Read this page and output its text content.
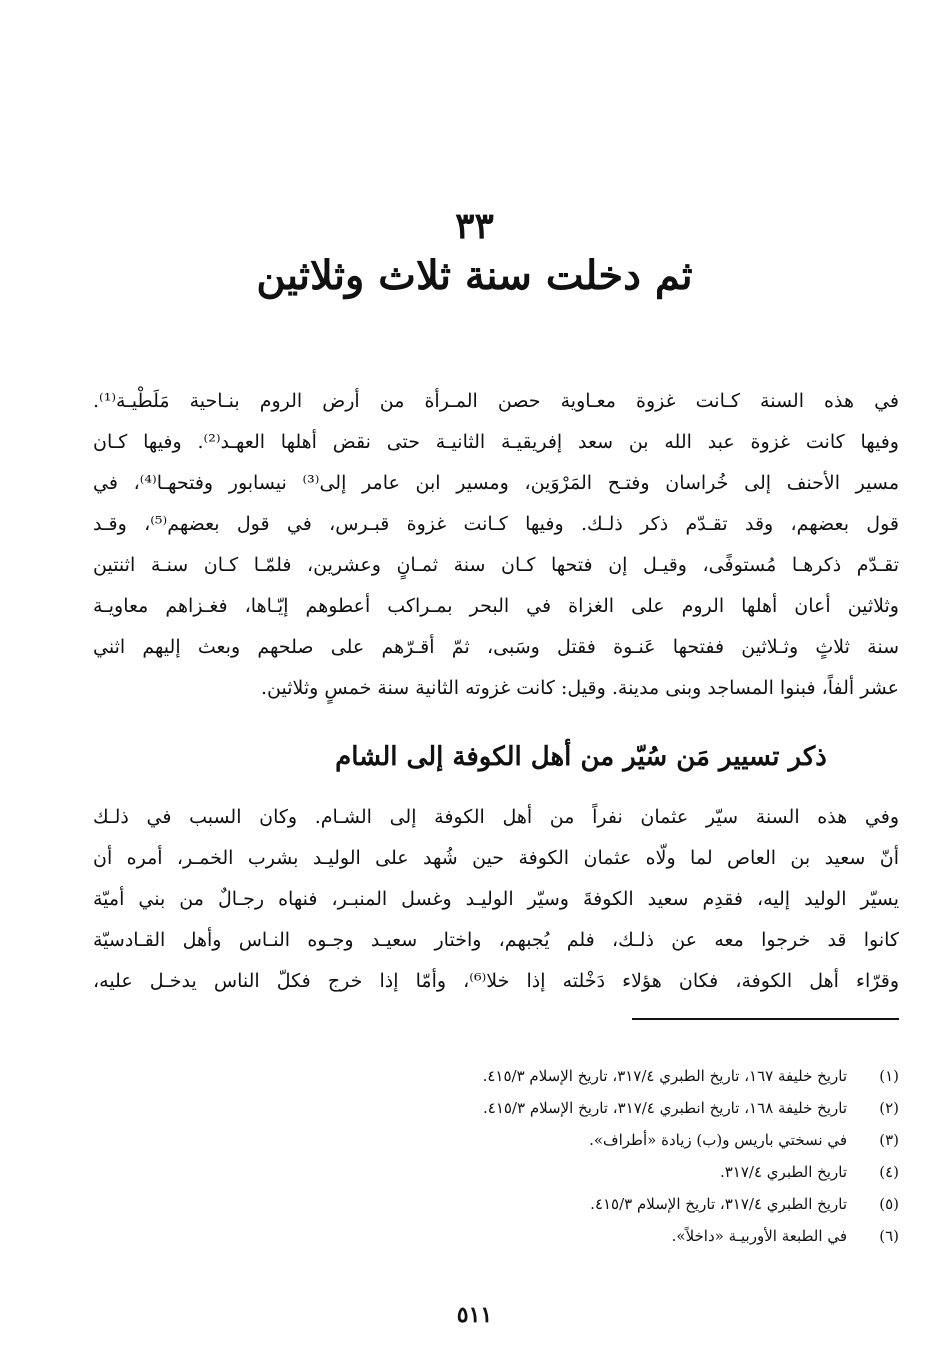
٣٣
ثم دخلت سنة ثلاث وثلاثين

في هذه السنة كـانت غزوة معـاوية حصن المـرأة من أرض الروم بنـاحية مَلَطْيـة⁽¹⁾.
وفيها كانت غزوة عبد الله بن سعد إفريقيـة الثانيـة حتى نقض أهلها العهـد⁽²⁾. وفيها كـان
مسير الأحنف إلى خُراسان وفتـح المَرْوَين، ومسير ابن عامر إلى⁽³⁾ نيسابور وفتحهـا⁽⁴⁾، في
قول بعضهم، وقد تقـدّم ذكر ذلـك. وفيها كـانت غزوة قبـرس، في قول بعضهم⁽⁵⁾، وقـد
تقـدّم ذكرهـا مُستوفًى، وقيـل إن فتحها كـان سنة ثمـانٍ وعشرين، فلمّـا كـان سنـة اثنتين
وثلاثين أعان أهلها الروم على الغزاة في البحر بمـراكب أعطوهم إيّـاها، فغـزاهم معاويـة
سنة ثلاثٍ وثـلاثين ففتحها عَنـوة فقتل وسَبى، ثمّ أقـرّهم على صلحهم وبعث إليهم اثني
عشر ألفاً، فبنوا المساجد وبنى مدينة. وقيل: كانت غزوته الثانية سنة خمسٍ وثلاثين.

ذكر تسيير مَن سُيّر من أهل الكوفة إلى الشام

وفي هذه السنة سيّر عثمان نفراً من أهل الكوفة إلى الشـام. وكان السبب في ذلـك
أنّ سعيد بن العاص لما ولّاه عثمان الكوفة حين شُهد على الوليـد بشرب الخمـر، أمره أن
يسيّر الوليد إليه، فقدِم سعيد الكوفةَ وسيّر الوليـد وغسل المنبـر، فنهاه رجـالٌ من بني أميّة
كانوا قد خرجوا معه عن ذلـك، فلم يُجبهم، واختار سعيـد وجـوه النـاس وأهل القـادسيّة
وقرّاء أهل الكوفة، فكان هؤلاء دَخْلته إذا خلا⁽⁶⁾، وأمّا إذا خرج فكلّ الناس يدخـل عليه،

(١)
تاريخ خليفة ١٦٧، تاريخ الطبري ٣١٧/٤، تاريخ الإسلام ٤١٥/٣.
(٢)
تاريخ خليفة ١٦٨، تاريخ انطبري ٣١٧/٤، تاريخ الإسلام ٤١٥/٣.
(٣)
في نسختي باريس و(ب) زيادة «أطراف».
(٤)
تاريخ الطبري ٣١٧/٤.
(٥)
تاريخ الطبري ٣١٧/٤، تاريخ الإسلام ٤١٥/٣.
(٦)
في الطبعة الأوربيـة «داخلاً».
٥١١
